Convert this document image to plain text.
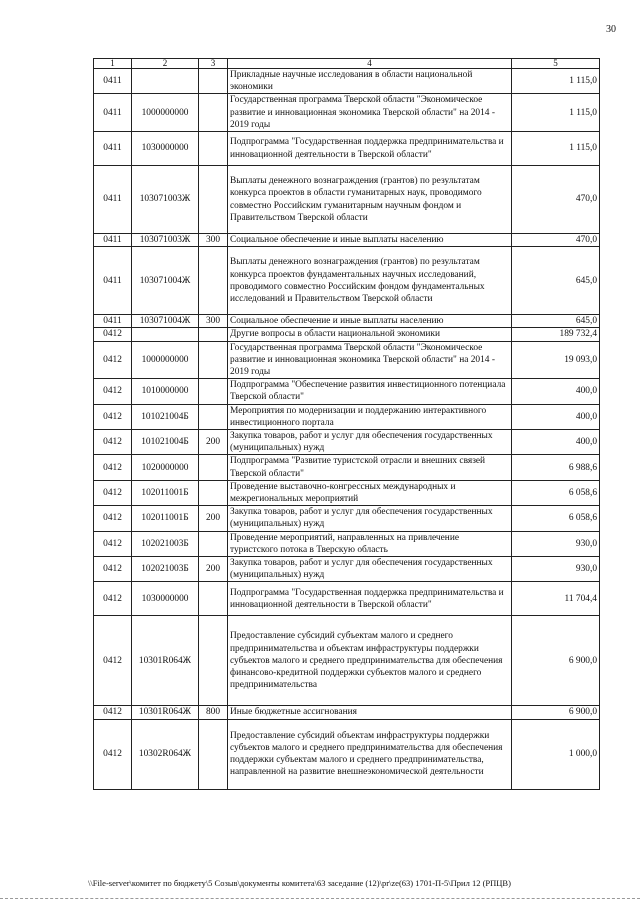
30
1	2	3	4	5
0411			Прикладные научные исследования в области национальной экономики	1 115,0
0411	1000000000		Государственная программа Тверской области "Экономическое развитие и инновационная экономика Тверской области" на 2014 - 2019 годы	1 115,0
0411	1030000000		Подпрограмма "Государственная поддержка предпринимательства и инновационной деятельности в Тверской области"	1 115,0
0411	103071003Ж		Выплаты денежного вознаграждения (грантов) по результатам конкурса проектов в области гуманитарных наук, проводимого совместно Российским гуманитарным научным фондом и Правительством Тверской области	470,0
0411	103071003Ж	300	Социальное обеспечение и иные выплаты населению	470,0
0411	103071004Ж		Выплаты денежного вознаграждения (грантов) по результатам конкурса проектов фундаментальных научных исследований, проводимого совместно Российским фондом фундаментальных исследований и Правительством Тверской области	645,0
0411	103071004Ж	300	Социальное обеспечение и иные выплаты населению	645,0
0412			Другие вопросы в области национальной экономики	189 732,4
0412	1000000000		Государственная программа Тверской области "Экономическое развитие и инновационная экономика Тверской области" на 2014 - 2019 годы	19 093,0
0412	1010000000		Подпрограмма "Обеспечение развития инвестиционного потенциала Тверской области"	400,0
0412	101021004Б		Мероприятия по модернизации и поддержанию интерактивного инвестиционного портала	400,0
0412	101021004Б	200	Закупка товаров, работ и услуг для обеспечения государственных (муниципальных) нужд	400,0
0412	1020000000		Подпрограмма "Развитие туристской отрасли и внешних связей Тверской области"	6 988,6
0412	102011001Б		Проведение выставочно-конгрессных международных и межрегиональных мероприятий	6 058,6
0412	102011001Б	200	Закупка товаров, работ и услуг для обеспечения государственных (муниципальных) нужд	6 058,6
0412	102021003Б		Проведение мероприятий, направленных на привлечение туристского потока в Тверскую область	930,0
0412	102021003Б	200	Закупка товаров, работ и услуг для обеспечения государственных (муниципальных) нужд	930,0
0412	1030000000		Подпрограмма "Государственная поддержка предпринимательства и инновационной деятельности в Тверской области"	11 704,4
0412	10301R064Ж		Предоставление субсидий субъектам малого и среднего предпринимательства и объектам инфраструктуры поддержки субъектов малого и среднего предпринимательства для обеспечения финансово-кредитной поддержки субъектов малого и среднего предпринимательства	6 900,0
0412	10301R064Ж	800	Иные бюджетные ассигнования	6 900,0
0412	10302R064Ж		Предоставление субсидий объектам инфраструктуры поддержки субъектов малого и среднего предпринимательства для обеспечения поддержки субъектам малого и среднего предпринимательства, направленной на развитие внешнеэкономической деятельности	1 000,0
\\File-server\комитет по бюджету\5 Созыв\документы комитета\63 заседание (12)\pr\ze(63) 1701-П-5\Прил 12 (РПЦВ)
